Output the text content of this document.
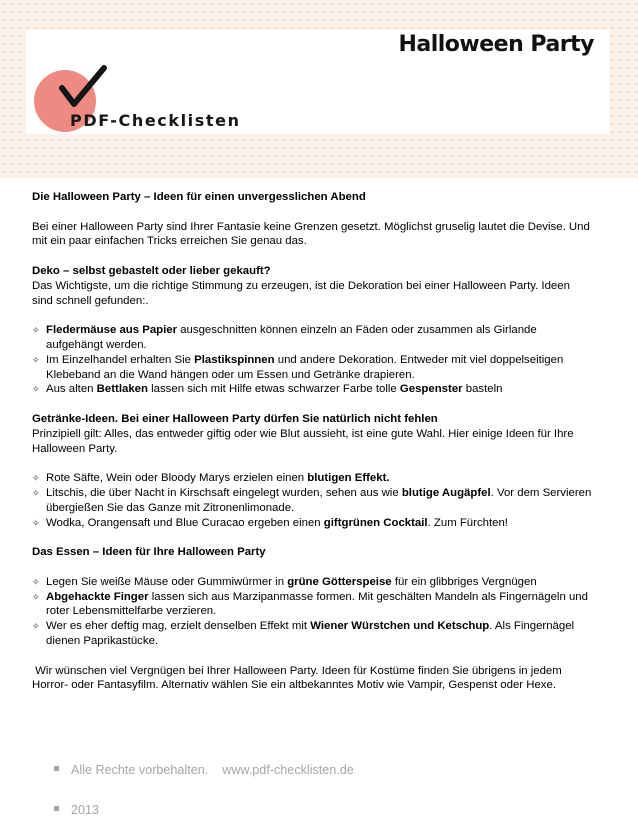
PDF-Checklisten
Halloween Party

Die Halloween Party – Ideen für einen unvergesslichen Abend

Bei einer Halloween Party sind Ihrer Fantasie keine Grenzen gesetzt. Möglichst gruselig lautet die Devise. Und mit ein paar einfachen Tricks erreichen Sie genau das.

Deko – selbst gebastelt oder lieber gekauft?

Das Wichtigste, um die richtige Stimmung zu erzeugen, ist die Dekoration bei einer Halloween Party. Ideen sind schnell gefunden:.

✧ Fledermäuse aus Papier ausgeschnitten können einzeln an Fäden oder zusammen als Girlande aufgehängt werden.
✧ Im Einzelhandel erhalten Sie Plastikspinnen und andere Dekoration. Entweder mit viel doppelseitigen Klebeband an die Wand hängen oder um Essen und Getränke drapieren.
✧ Aus alten Bettlaken lassen sich mit Hilfe etwas schwarzer Farbe tolle Gespenster basteln

Getränke-Ideen. Bei einer Halloween Party dürfen Sie natürlich nicht fehlen

Prinzipiell gilt: Alles, das entweder giftig oder wie Blut aussieht, ist eine gute Wahl. Hier einige Ideen für Ihre Halloween Party.

✧ Rote Säfte, Wein oder Bloody Marys erzielen einen blutigen Effekt.
✧ Litschis, die über Nacht in Kirschsaft eingelegt wurden, sehen aus wie blutige Augäpfel. Vor dem Servieren übergießen Sie das Ganze mit Zitronenlimonade.
✧ Wodka, Orangensaft und Blue Curacao ergeben einen giftgrünen Cocktail. Zum Fürchten!

Das Essen – Ideen für Ihre Halloween Party

✧ Legen Sie weiße Mäuse oder Gummiwürmer in grüne Götterspeise für ein glibbriges Vergnügen
✧ Abgehackte Finger lassen sich aus Marzipanmasse formen. Mit geschälten Mandeln als Fingernägeln und roter Lebensmittelfarbe verzieren.
✧ Wer es eher deftig mag, erzielt denselben Effekt mit Wiener Würstchen und Ketschup. Als Fingernägel dienen Paprikastücke.

Wir wünschen viel Vergnügen bei Ihrer Halloween Party. Ideen für Kostüme finden Sie übrigens in jedem Horror- oder Fantasyfilm. Alternativ wählen Sie ein altbekanntes Motiv wie Vampir, Gespenst oder Hexe.

Alle Rechte vorbehalten. www.pdf-checklisten.de
2013
